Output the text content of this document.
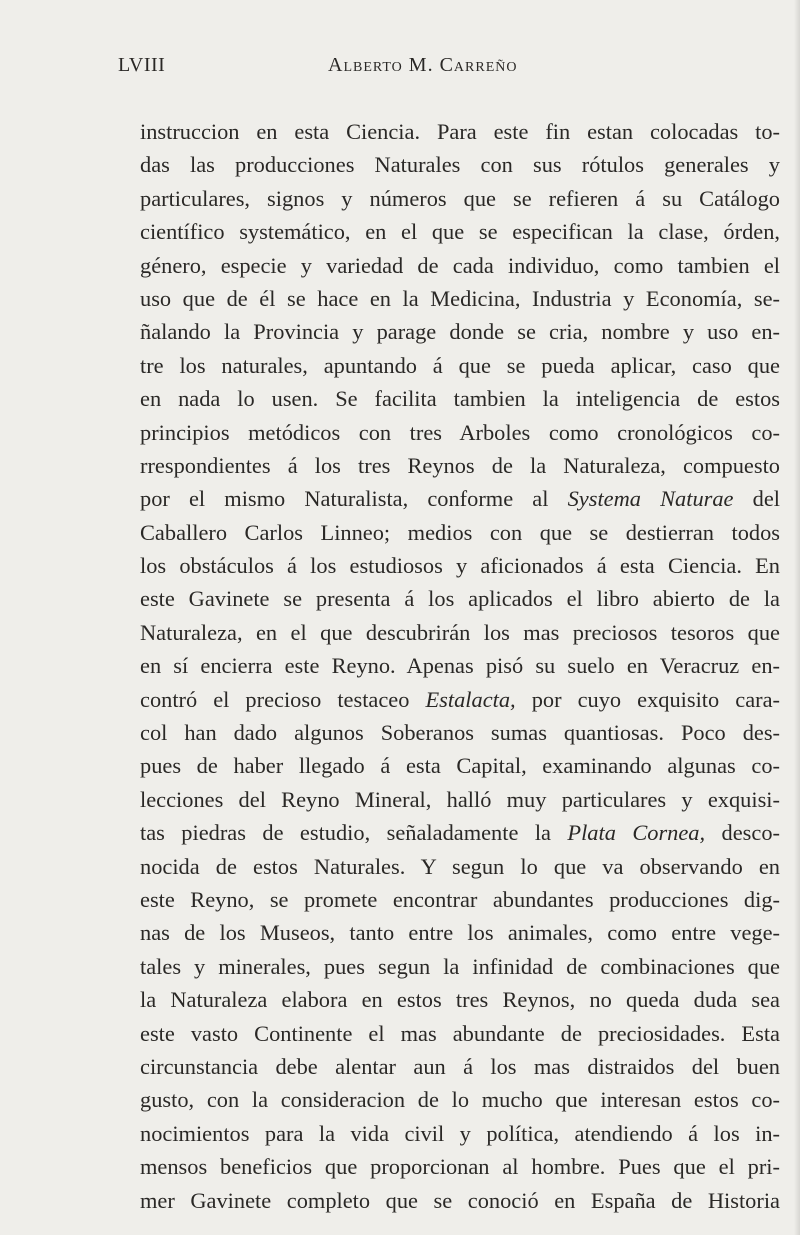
LVIII	Alberto M. Carreño
instruccion en esta Ciencia. Para este fin estan colocadas to-
das las producciones Naturales con sus rótulos generales y
particulares, signos y números que se refieren á su Catálogo
científico systemático, en el que se especifican la clase, órden,
género, especie y variedad de cada individuo, como tambien el
uso que de él se hace en la Medicina, Industria y Economía, se-
ñalando la Provincia y parage donde se cria, nombre y uso en-
tre los naturales, apuntando á que se pueda aplicar, caso que
en nada lo usen. Se facilita tambien la inteligencia de estos
principios metódicos con tres Arboles como cronológicos co-
rrespondientes á los tres Reynos de la Naturaleza, compuesto
por el mismo Naturalista, conforme al Systema Naturae del
Caballero Carlos Linneo; medios con que se destierran todos
los obstáculos á los estudiosos y aficionados á esta Ciencia. En
este Gavinete se presenta á los aplicados el libro abierto de la
Naturaleza, en el que descubrirán los mas preciosos tesoros que
en sí encierra este Reyno. Apenas pisó su suelo en Veracruz en-
contró el precioso testaceo Estalacta, por cuyo exquisito cara-
col han dado algunos Soberanos sumas quantiosas. Poco des-
pues de haber llegado á esta Capital, examinando algunas co-
lecciones del Reyno Mineral, halló muy particulares y exquisi-
tas piedras de estudio, señaladamente la Plata Cornea, desco-
nocida de estos Naturales. Y segun lo que va observando en
este Reyno, se promete encontrar abundantes producciones dig-
nas de los Museos, tanto entre los animales, como entre vege-
tales y minerales, pues segun la infinidad de combinaciones que
la Naturaleza elabora en estos tres Reynos, no queda duda sea
este vasto Continente el mas abundante de preciosidades. Esta
circunstancia debe alentar aun á los mas distraidos del buen
gusto, con la consideracion de lo mucho que interesan estos co-
nocimientos para la vida civil y política, atendiendo á los in-
mensos beneficios que proporcionan al hombre. Pues que el pri-
mer Gavinete completo que se conoció en España de Historia
